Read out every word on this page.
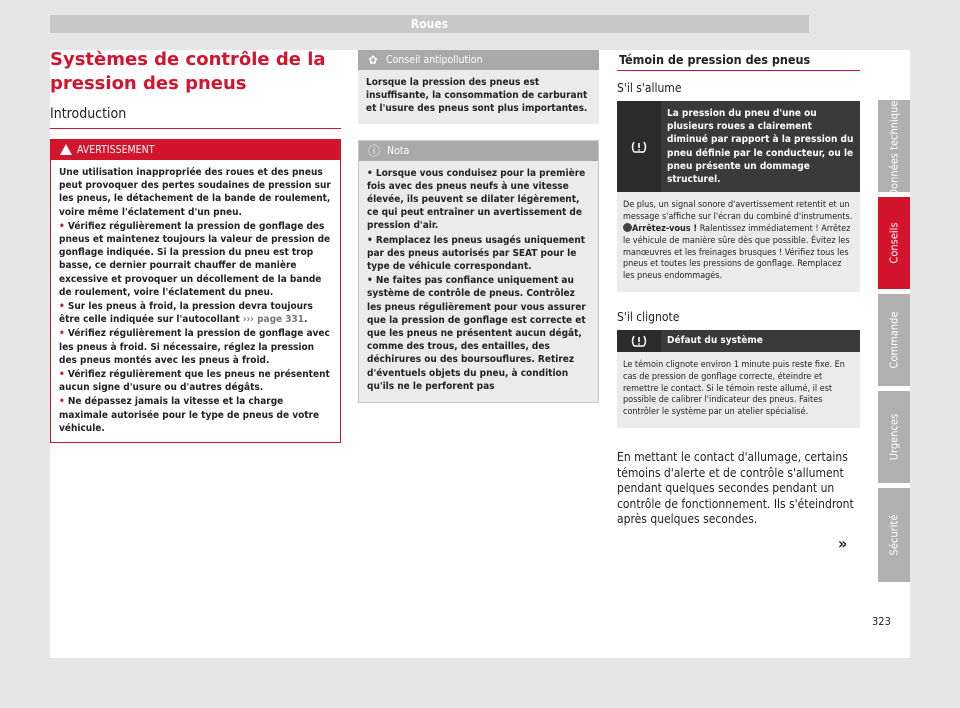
Roues
Systèmes de contrôle de la pression des pneus
Introduction
AVERTISSEMENT

Une utilisation inappropriée des roues et des pneus peut provoquer des pertes soudaines de pression sur les pneus, le détachement de la bande de roulement, voire même l'éclatement d'un pneu.

• Vérifiez régulièrement la pression de gonflage des pneus et maintenez toujours la valeur de pression de gonflage indiquée. Si la pression du pneu est trop basse, ce dernier pourrait chauffer de manière excessive et provoquer un décollement de la bande de roulement, voire l'éclatement du pneu.

• Sur les pneus à froid, la pression devra toujours être celle indiquée sur l'autocollant ››› page 331.

• Vérifiez régulièrement la pression de gonflage avec les pneus à froid. Si nécessaire, réglez la pression des pneus montés avec les pneus à froid.

• Vérifiez régulièrement que les pneus ne présentent aucun signe d'usure ou d'autres dégâts.

• Ne dépassez jamais la vitesse et la charge maximale autorisée pour le type de pneus de votre véhicule.

✿ Conseil antipollution
Lorsque la pression des pneus est insuffisante, la consommation de carburant et l'usure des pneus sont plus importantes.
ⓘ Nota

• Lorsque vous conduisez pour la première fois avec des pneus neufs à une vitesse élevée, ils peuvent se dilater légèrement, ce qui peut entraîner un avertissement de pression d'air.

• Remplacez les pneus usagés uniquement par des pneus autorisés par SEAT pour le type de véhicule correspondant.

• Ne faites pas confiance uniquement au système de contrôle de pneus. Contrôlez les pneus régulièrement pour vous assurer que la pression de gonflage est correcte et que les pneus ne présentent aucun dégât, comme des trous, des entailles, des déchirures ou des boursouflures. Retirez d'éventuels objets du pneu, à condition qu'ils ne le perforent pas

Témoin de pression des pneus
S'il s'allume
La pression du pneu d'une ou plusieurs roues a clairement diminué par rapport à la pression du pneu définie par le conducteur, ou le pneu présente un dommage structurel.
De plus, un signal sonore d'avertissement retentit et un message s'affiche sur l'écran du combiné d'instruments. Arrêtez-vous ! Ralentissez immédiatement ! Arrêtez le véhicule de manière sûre dès que possible. Évitez les manœuvres et les freinages brusques ! Vérifiez tous les pneus et toutes les pressions de gonflage. Remplacez les pneus endommagés.
S'il clignote
Défaut du système
Le témoin clignote environ 1 minute puis reste fixe. En cas de pression de gonflage correcte, éteindre et remettre le contact. Si le témoin reste allumé, il est possible de calibrer l'indicateur des pneus. Faites contrôler le système par un atelier spécialisé.
En mettant le contact d'allumage, certains témoins d'alerte et de contrôle s'allument pendant quelques secondes pendant un contrôle de fonctionnement. Ils s'éteindront après quelques secondes.
»
Données techniques
Conseils
Commande
Urgences
Sécurité
323
